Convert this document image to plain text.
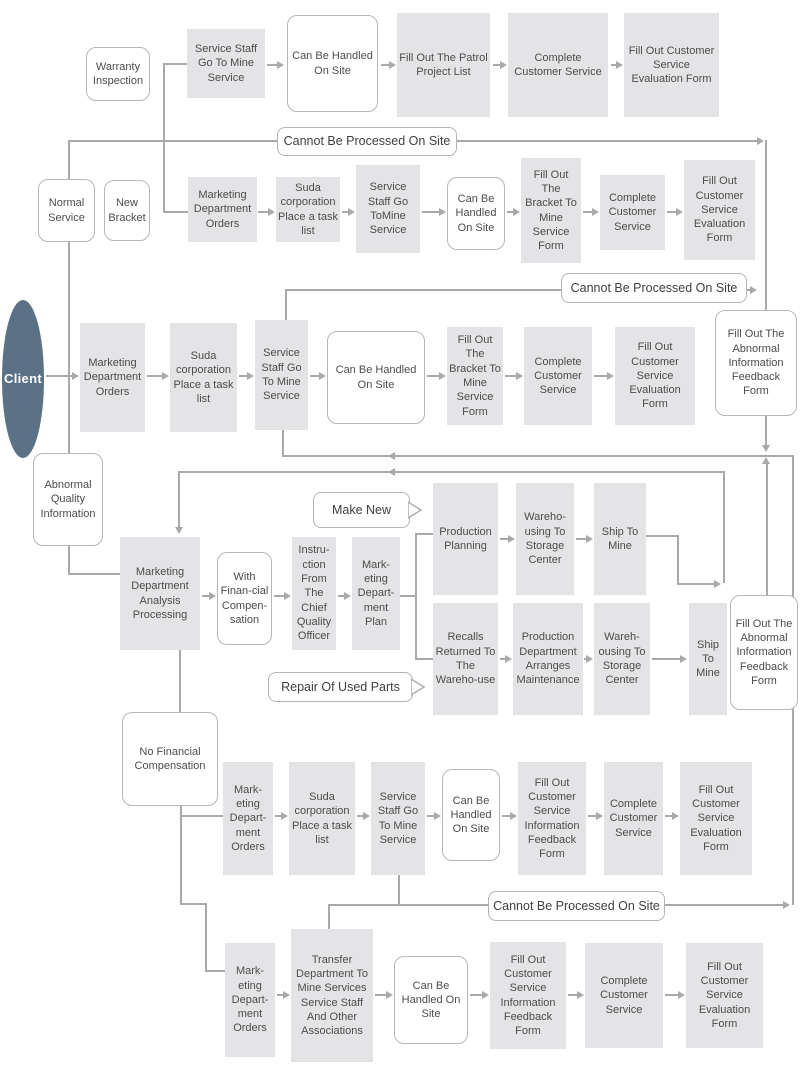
Warranty Inspection
Service Staff Go To Mine Service
Can Be Handled On Site
Fill Out The Patrol Project List
Complete Customer Service
Fill Out Customer Service Evaluation Form
Cannot Be Processed On Site
Normal Service
New Bracket
Marketing Department Orders
Suda corporation Place a task list
Service Staff Go ToMine Service
Can Be Handled On Site
Fill Out The Bracket To Mine Service Form
Complete Customer Service
Fill Out Customer Service Evaluation Form
Cannot Be Processed On Site
Client
Marketing Department Orders
Suda corporation Place a task list
Service Staff Go To Mine Service
Can Be Handled On Site
Fill Out The Bracket To Mine Service Form
Complete Customer Service
Fill Out Customer Service Evaluation Form
Fill Out The Abnormal Information Feedback Form
Abnormal Quality Information	Make New
Marketing Department Analysis Processing
With Finan-cial Compen-sation
Instru-ction From The Chief Quality Officer
Mark-eting Depart-ment Plan
Production Planning
Wareho-using To Storage Center
Ship To Mine
Repair Of Used Parts
Recalls Returned To The Wareho-use
Production Department Arranges Maintenance
Wareh-ousing To Storage Center
Ship To Mine
Fill Out The Abnormal Information Feedback Form
No Financial Compensation
Mark-eting Depart-ment Orders
Suda corporation Place a task list
Service Staff Go To Mine Service
Can Be Handled On Site
Fill Out Customer Service Information Feedback Form
Complete Customer Service
Fill Out Customer Service Evaluation Form
Cannot Be Processed On Site
Mark-eting Depart-ment Orders
Transfer Department To Mine Services Service Staff And Other Associations
Can Be Handled On Site
Fill Out Customer Service Information Feedback Form
Complete Customer Service
Fill Out Customer Service Evaluation Form
